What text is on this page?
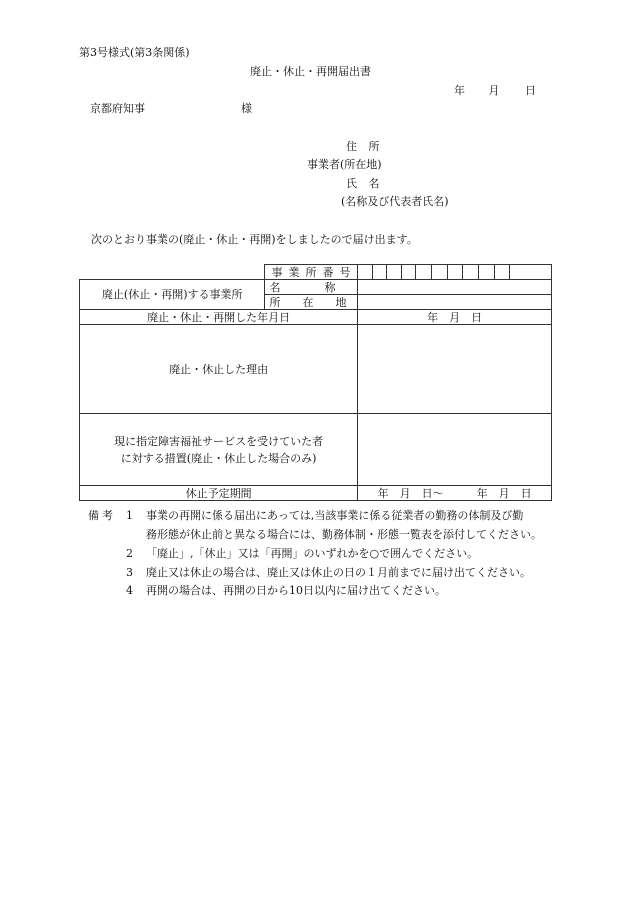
第3号様式(第3条関係)
廃止・休止・再開届出書
年 月 日
京都府知事	様
住 所
事業者(所在地)
氏 名
(名称及び代表者氏名)
次のとおり事業の(廃止・休止・再開)をしましたので届け出ます。
	事業所番号											
廃止(休止・再開)する事業所	名　　　　称											
	所　　在　　地											
廃止・休止・再開した年月日		年　月　日										
廃止・休止した理由												

現に指定障害福祉サービスを受けていた者
に対する措置(廃止・休止した場合のみ)												

休止予定期間		年　月　日～　　　年　月　日										
備考 1 事業の再開に係る届出にあっては,当該事業に係る従業者の勤務の体制及び勤
務形態が休止前と異なる場合には、勤務体制・形態一覧表を添付してください。
2 「廃止」,「休止」又は「再開」のいずれかを○で囲んでください。
3 廃止又は休止の場合は、廃止又は休止の日の１月前までに届け出てください。
4 再開の場合は、再開の日から10日以内に届け出てください。
